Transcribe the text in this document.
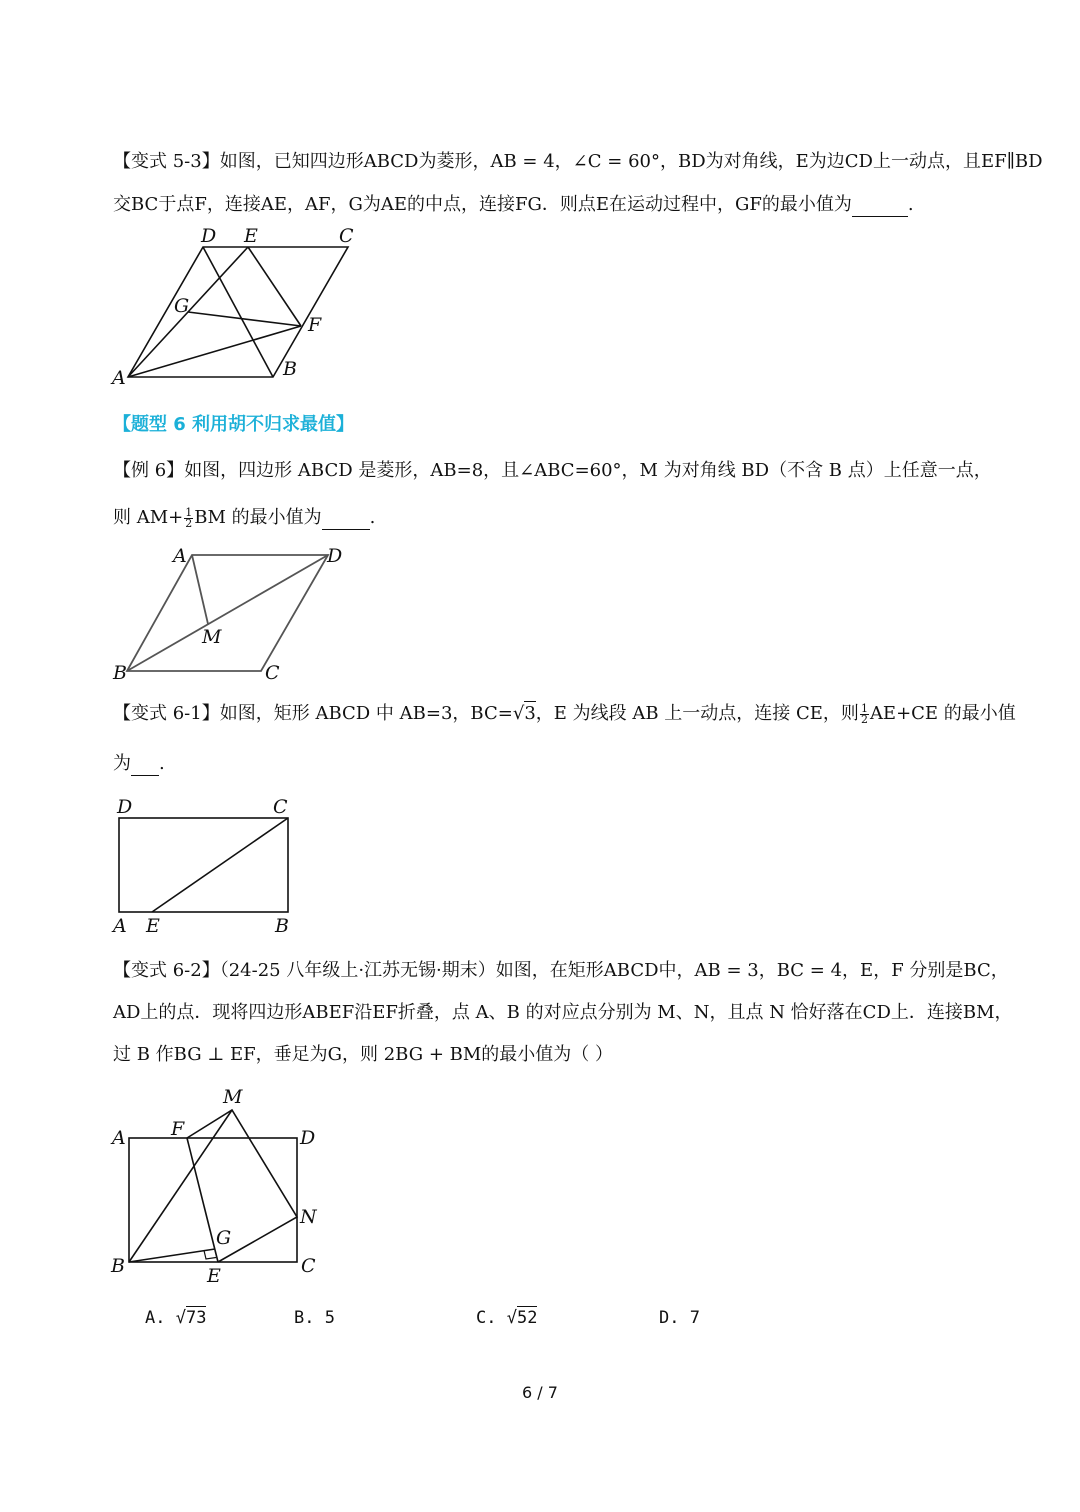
【变式 5-3】如图，已知四边形ABCD为菱形，AB = 4，∠C = 60°，BD为对角线，E为边CD上一动点，且EF∥BD
交BC于点F，连接AE，AF，G为AE的中点，连接FG．则点E在运动过程中，GF的最小值为	.
A	B
C
D E
F
G
【题型 6 利用胡不归求最值】
【例 6】如图，四边形 ABCD 是菱形，AB=8，且∠ABC=60°，M 为对角线 BD（不含 B 点）上任意一点，
则 $AM+ \frac{1}{2}$ BM 的最小值为	.
B	C
A	D
M
【变式 6-1】如图，矩形 ABCD 中 AB=3，BC=√3，E 为线段 AB 上一动点，连接 CE，则 $\frac{1}{2} AE+CE$ 的最小值
为 .
D	C
A E	B
【变式 6-2】（24-25 八年级上·江苏无锡·期末）如图，在矩形ABCD中，AB = 3，BC = 4，E，F 分别是BC，
AD上的点．现将四边形ABEF沿EF折叠，点 A、B 的对应点分别为 M、N，且点 N 恰好落在CD上．连接BM，
过 B 作BG ⊥ EF，垂足为G，则 2BG + BM的最小值为（ ）
A F
M
D
N
G
B	E	C
A. √73	B. 5	C. √52	D. 7
6 / 7
